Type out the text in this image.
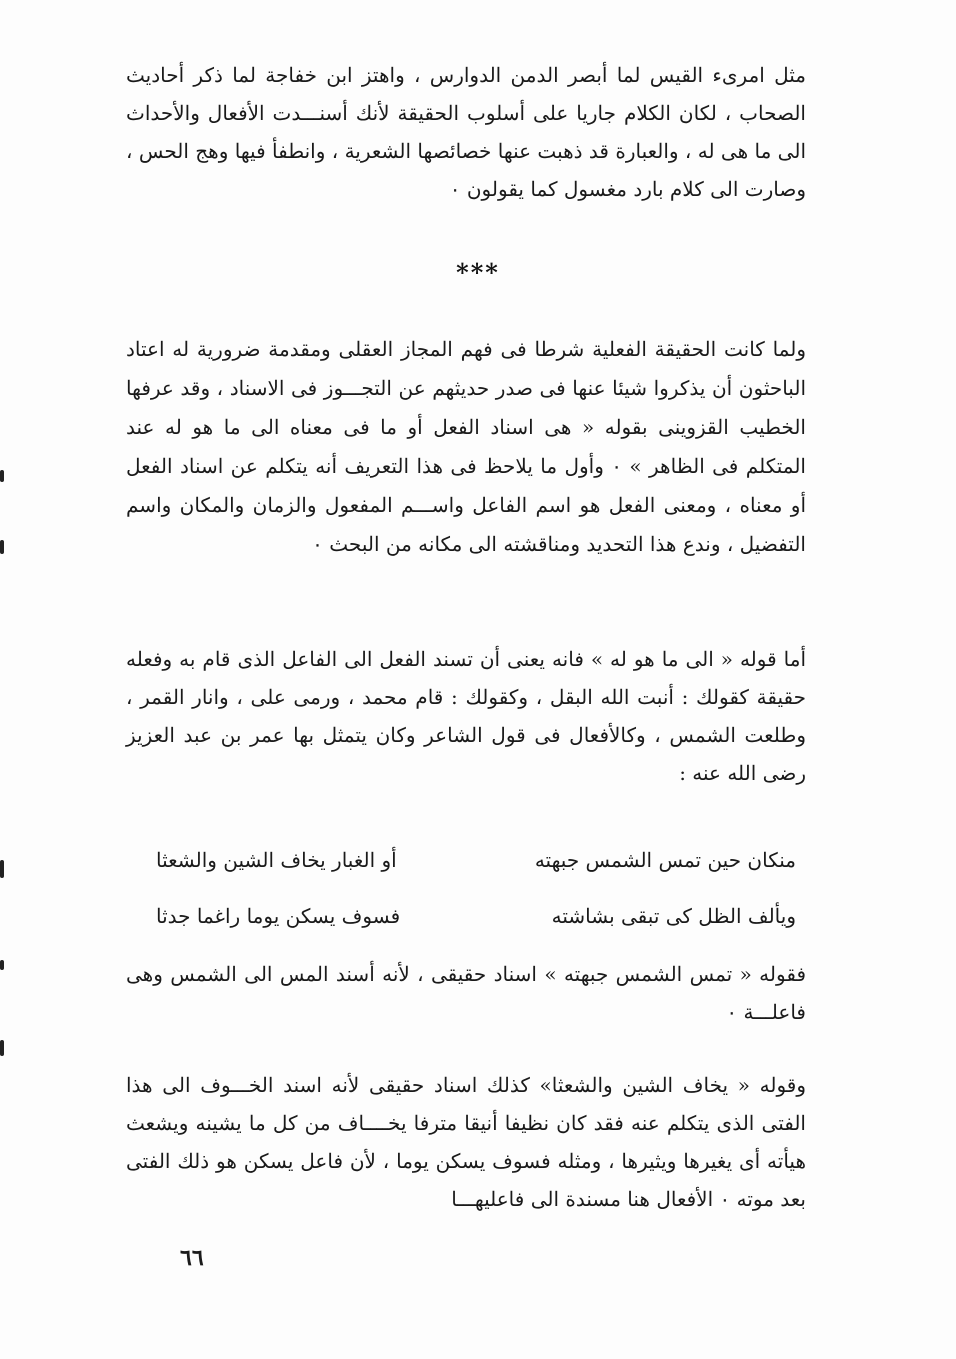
مثل امرىء القيس لما أبصر الدمن الدوارس ، واهتز ابن خفاجة لما ذكر أحاديث الصحاب ، لكان الكلام جاريا على أسلوب الحقيقة لأنك أسنـــدت الأفعال والأحداث الى ما هى له ، والعبارة قد ذهبت عنها خصائصها الشعرية ، وانطفأ فيها وهج الحس ، وصارت الى كلام بارد مغسول كما يقولون ٠

***

ولما كانت الحقيقة الفعلية شرطا فى فهم المجاز العقلى ومقدمة ضرورية له اعتاد الباحثون أن يذكروا شيئا عنها فى صدر حديثهم عن التجـــوز فى الاسناد ، وقد عرفها الخطيب القزوينى بقوله « هى اسناد الفعل أو ما فى معناه الى ما هو له عند المتكلم فى الظاهر » ٠ وأول ما يلاحظ فى هذا التعريف أنه يتكلم عن اسناد الفعل أو معناه ، ومعنى الفعل هو اسم الفاعل واســـم المفعول والزمان والمكان واسم التفضيل ، وندع هذا التحديد ومناقشته الى مكانه من البحث ٠

أما قوله « الى ما هو له » فانه يعنى أن تسند الفعل الى الفاعل الذى قام به وفعله حقيقة كقولك : أنبت الله البقل ، وكقولك : قام محمد ، ورمى على ، وانار القمر ، وطلعت الشمس ، وكالأفعال فى قول الشاعر وكان يتمثل بها عمر بن عبد العزيز رضى الله عنه :

منكان حين تمس الشمس جبهته
أو الغبار يخاف الشين والشعثا
ويألف الظل كى تبقى بشاشته
فسوف يسكن يوما راغما جدثا

فقوله « تمس الشمس جبهته » اسناد حقيقى ، لأنه أسند المس الى الشمس وهى فاعلـــة ٠

وقوله « يخاف الشين والشعثا» كذلك اسناد حقيقى لأنه اسند الخـــوف الى هذا الفتى الذى يتكلم عنه فقد كان نظيفا أنيقا مترفا يخــــاف من كل ما يشينه ويشعث هيأته أى يغيرها ويثيرها ، ومثله فسوف يسكن يوما ، لأن فاعل يسكن هو ذلك الفتى بعد موته ٠ الأفعال هنا مسندة الى فاعليهـــا

٦٦
